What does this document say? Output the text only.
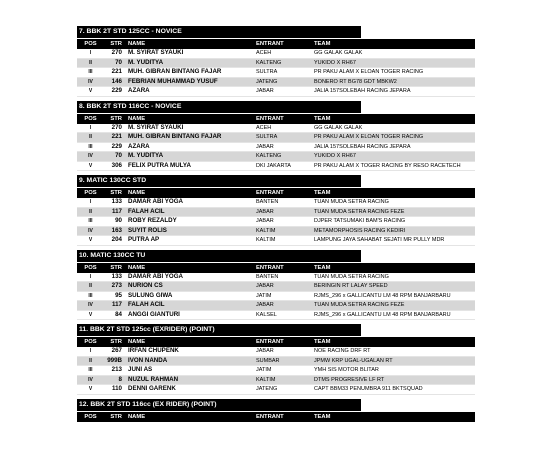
7. BBK 2T STD 125CC - NOVICE
POS	STR	NAME	ENTRANT	TEAM
I	270 M. SYIRAT SYAUKI	ACEH	GG GALAK GALAK
II	70 M. YUDITYA	KALTENG	YUKIDO X RH67
III	221 MUH. GIBRAN BINTANG FAJAR	SULTRA	PR PAKU ALAM X ELOAN TOGER RACING
IV	146 FEBRIAN MUHAMMAD YUSUF	JATENG	BONERO RT BG78 GDT MBKW2
V	229 AZARA	JABAR	JALIA 157SOLEBAH RACING JEPARA
8. BBK 2T STD 116CC - NOVICE
POS	STR	NAME	ENTRANT	TEAM
I	270 M. SYIRAT SYAUKI	ACEH	GG GALAK GALAK
II	221 MUH. GIBRAN BINTANG FAJAR	SULTRA	PR PAKU ALAM X ELOAN TOGER RACING
III	229 AZARA	JABAR	JALIA 157SOLEBAH RACING JEPARA
IV	70 M. YUDITYA	KALTENG	YUKIDO X RH67
V	306 FELIX PUTRA MULYA	DKI JAKARTA	PR PAKU ALAM X TOGER RACING BY RESO RACETECH
9. MATIC 130CC STD
POS	STR	NAME	ENTRANT	TEAM
I	133 DAMAR ABI YOGA	BANTEN	TUAN MUDA SETRA RACING
II	117 FALAH ACIL	JABAR	TUAN MUDA SETRA RACING FEZE
III	90 ROBY REZALDY	JABAR	DJPER TATSUMAKI BAM'S RACING
IV	163 SUYIT ROLIS	KALTIM	METAMORPHOSIS RACING KEDIRI
V	204 PUTRA AP	KALTIM	LAMPUNG JAYA SAHABAT SEJATI MR PULLY MDR
10. MATIC 130CC TU
POS	STR	NAME	ENTRANT	TEAM
I	133 DAMAR ABI YOGA	BANTEN	TUAN MUDA SETRA RACING
II	273 NURION CS	JABAR	BERINGIN RT LALAY SPEED
III	95 SULUNG GIWA	JATIM	RJMS_296 x GALLICANTU LM 48 RPM BANJARBARU
IV	117 FALAH ACIL	JABAR	TUAN MUDA SETRA RACING FEZE
V	84 ANGGI GIANTURI	KALSEL	RJMS_296 x GALLICANTU LM 48 RPM BANJARBARU
11. BBK 2T STD 125cc (EXRIDER) (POINT)
POS	STR	NAME	ENTRANT	TEAM
I	267 IRFAN CHUPENK	JABAR	NOE RACING DRF RT
II	999B IVON NANDA	SUMBAR	JPMW KRP UGAL-UGALAN RT
III	213 JUNI AS	JATIM	YMH SIS MOTOR BLITAR
IV	8 NUZUL RAHMAN	KALTIM	DTMS PROGRESIVE LF RT
V	110 DENNI GARENK	JATENG	CAPT BBM33 PENUMBRA 911 BKTSQUAD
12. BBK 2T STD 116cc (EX RIDER) (POINT)
POS	STR	NAME	ENTRANT	TEAM
